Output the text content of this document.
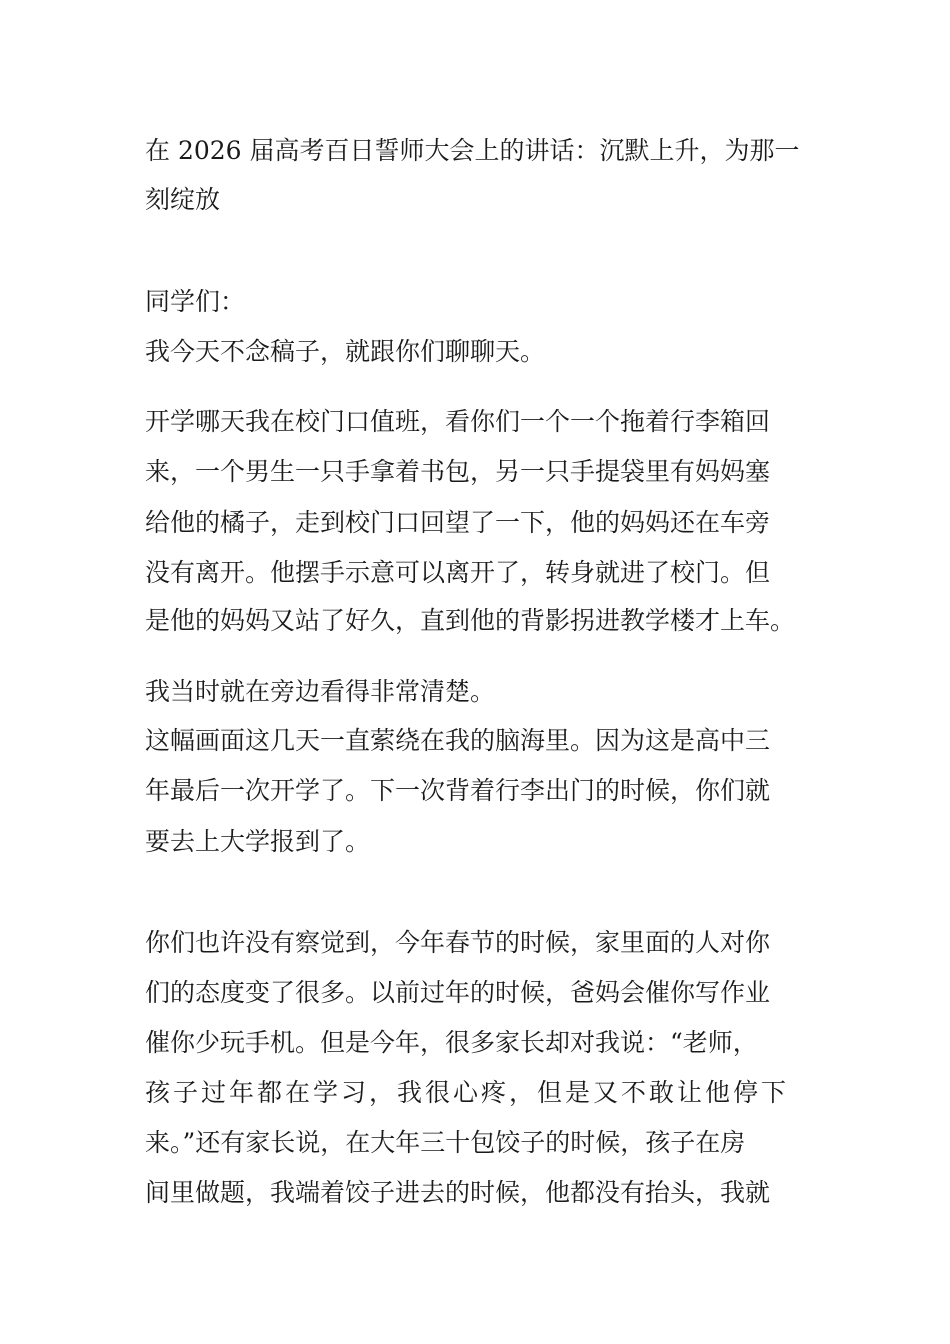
在 2026 届高考百日誓师大会上的讲话：沉默上升，为那一
刻绽放
同学们：
我今天不念稿子，就跟你们聊聊天。
开学哪天我在校门口值班，看你们一个一个拖着行李箱回
来，一个男生一只手拿着书包，另一只手提袋里有妈妈塞
给他的橘子，走到校门口回望了一下，他的妈妈还在车旁
没有离开。他摆手示意可以离开了，转身就进了校门。但
是他的妈妈又站了好久，直到他的背影拐进教学楼才上车。
我当时就在旁边看得非常清楚。
这幅画面这几天一直萦绕在我的脑海里。因为这是高中三
年最后一次开学了。下一次背着行李出门的时候，你们就
要去上大学报到了。
你们也许没有察觉到，今年春节的时候，家里面的人对你
们的态度变了很多。以前过年的时候，爸妈会催你写作业
催你少玩手机。但是今年，很多家长却对我说：“老师，
孩子过年都在学习，我很心疼，但是又不敢让他停下
来。”还有家长说，在大年三十包饺子的时候，孩子在房
间里做题，我端着饺子进去的时候，他都没有抬头，我就
